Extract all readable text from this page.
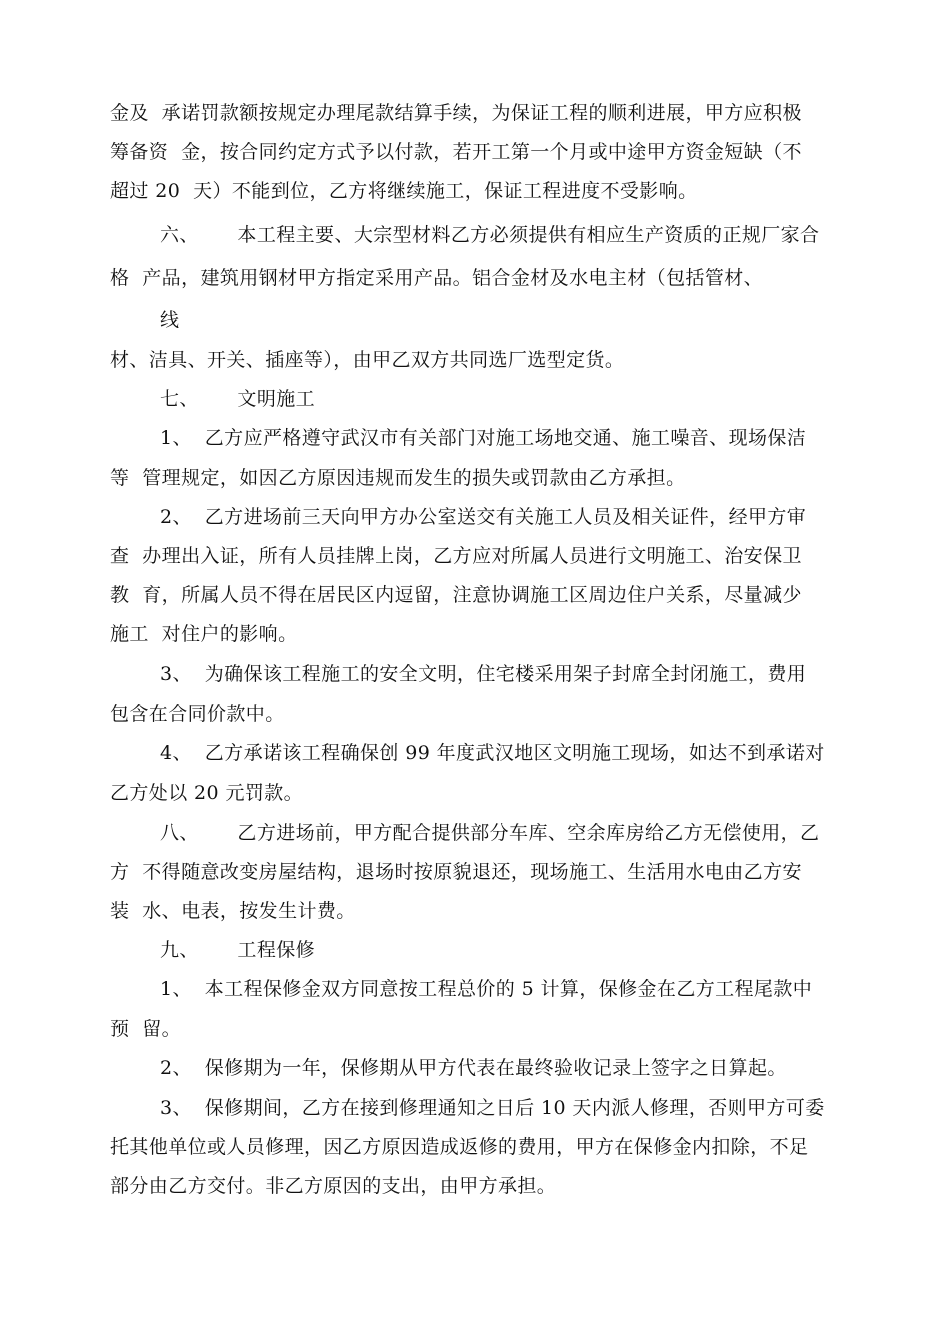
金及  承诺罚款额按规定办理尾款结算手续，为保证工程的顺利进展，甲方应积极
筹备资  金，按合同约定方式予以付款，若开工第一个月或中途甲方资金短缺（不
超过 20  天）不能到位，乙方将继续施工，保证工程进度不受影响。
六、      本工程主要、大宗型材料乙方必须提供有相应生产资质的正规厂家合
格  产品，建筑用钢材甲方指定采用产品。铝合金材及水电主材（包括管材、
线
材、洁具、开关、插座等），由甲乙双方共同选厂选型定货。
七、      文明施工
1、  乙方应严格遵守武汉市有关部门对施工场地交通、施工噪音、现场保洁
等  管理规定，如因乙方原因违规而发生的损失或罚款由乙方承担。
2、  乙方进场前三天向甲方办公室送交有关施工人员及相关证件，经甲方审
查  办理出入证，所有人员挂牌上岗，乙方应对所属人员进行文明施工、治安保卫
教  育，所属人员不得在居民区内逗留，注意协调施工区周边住户关系，尽量减少
施工  对住户的影响。
3、  为确保该工程施工的安全文明，住宅楼采用架子封席全封闭施工，费用
包含在合同价款中。
4、  乙方承诺该工程确保创 99 年度武汉地区文明施工现场，如达不到承诺对
乙方处以 20 元罚款。
八、      乙方进场前，甲方配合提供部分车库、空余库房给乙方无偿使用，乙
方  不得随意改变房屋结构，退场时按原貌退还，现场施工、生活用水电由乙方安
装  水、电表，按发生计费。
九、      工程保修
1、  本工程保修金双方同意按工程总价的 5 计算，保修金在乙方工程尾款中
预  留。
2、  保修期为一年，保修期从甲方代表在最终验收记录上签字之日算起。
3、  保修期间，乙方在接到修理通知之日后 10 天内派人修理，否则甲方可委
托其他单位或人员修理，因乙方原因造成返修的费用，甲方在保修金内扣除，不足
部分由乙方交付。非乙方原因的支出，由甲方承担。
